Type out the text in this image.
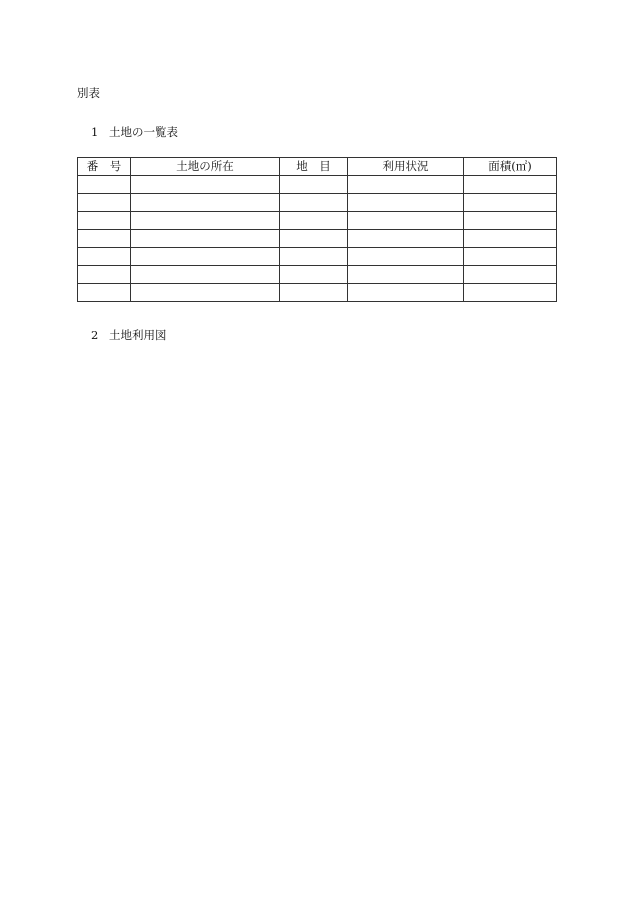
別表
1 土地の一覧表
番　号	土地の所在	地　目	利用状況	面積(㎡)

2 土地利用図
